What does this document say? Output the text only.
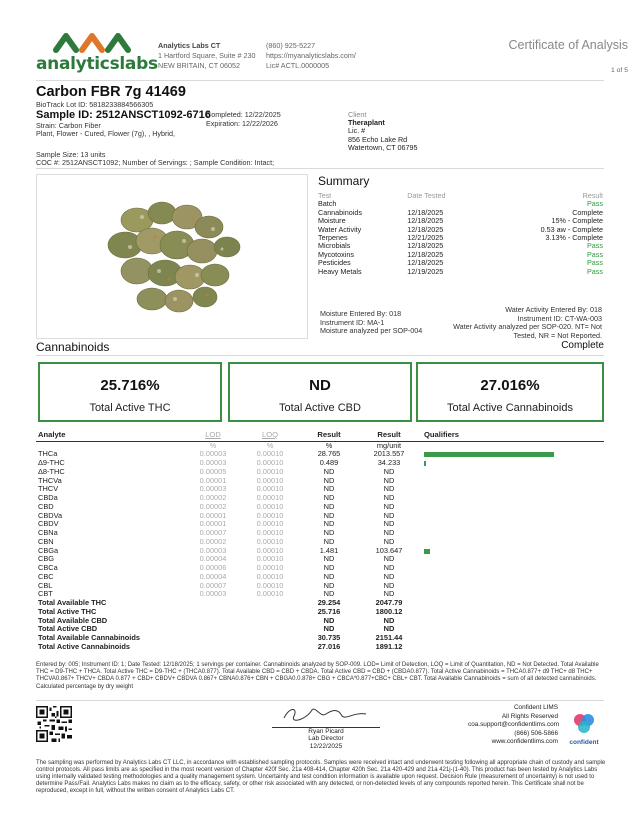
analyticslabs
Analytics Labs CT
1 Hartford Square, Suite # 230
NEW BRITAIN, CT 06052
(860) 925-5227
https://myanalyticslabs.com/
Lic# ACTL.0000005
Certificate of Analysis
1 of 5
Carbon FBR 7g 41469
BioTrack Lot ID: 5818233884566305
Sample ID: 2512ANSCT1092-6716
Strain: Carbon Fiber
Plant, Flower - Cured, Flower (7g), , Hybrid,
Completed: 12/22/2025
Expiration: 12/22/2026
Sample Size: 13 units
COC #: 2512ANSCT1092; Number of Servings: ; Sample Condition: Intact;
Client
Theraplant
Lic. #
856 Echo Lake Rd
Watertown, CT 06795
Summary
Test	Date Tested	Result
Batch		Pass
Cannabinoids	12/18/2025	Complete
Moisture	12/18/2025	15% - Complete
Water Activity	12/18/2025	0.53 aw - Complete
Terpenes	12/21/2025	3.13% - Complete
Microbials	12/18/2025	Pass
Mycotoxins	12/18/2025	Pass
Pesticides	12/18/2025	Pass
Heavy Metals	12/19/2025	Pass
Moisture Entered By: 018
Instrument ID: MA-1
Moisture analyzed per SOP-004
Water Activity Entered By: 018
Instrument ID: CT-WA-003
Water Activity analyzed per SOP-020. NT= Not
Tested, NR = Not Reported.
Cannabinoids	Complete
25.716%
Total Active THC
ND
Total Active CBD
27.016%
Total Active Cannabinoids
Analyte	LOD	LOQ	Result	Result	Qualifiers
	%	%	%	mg/unit	
THCa	0.00003	0.00010	28.765	2013.557	

Δ9-THC	0.00003	0.00010	0.489	34.233	

Δ8-THC	0.00005	0.00010	ND	ND	
THCVa	0.00001	0.00010	ND	ND	
THCV	0.00003	0.00010	ND	ND	
CBDa	0.00002	0.00010	ND	ND	
CBD	0.00002	0.00010	ND	ND	
CBDVa	0.00001	0.00010	ND	ND	
CBDV	0.00001	0.00010	ND	ND	
CBNa	0.00007	0.00010	ND	ND	
CBN	0.00002	0.00010	ND	ND	
CBGa	0.00003	0.00010	1.481	103.647	

CBG	0.00004	0.00010	ND	ND	
CBCa	0.00006	0.00010	ND	ND	
CBC	0.00004	0.00010	ND	ND	
CBL	0.00007	0.00010	ND	ND	
CBT	0.00003	0.00010	ND	ND	
Total Available THC			29.254	2047.79	
Total Active THC			25.716	1800.12	
Total Available CBD			ND	ND	
Total Active CBD			ND	ND	
Total Available Cannabinoids			30.735	2151.44	
Total Active Cannabinoids			27.016	1891.12	
Entered by: 005; Instrument ID: 1; Date Tested: 12/18/2025; 1 servings per container. Cannabinoids analyzed by SOP-009. LOD= Limit of Detection, LOQ = Limit of Quantitation, ND = Not Detected. Total Available THC = D9-THC + THCA. Total Active THC = D9-THC + (THCA0.877). Total Available CBD = CBD + CBDA. Total Active CBD = CBD + (CBDA0.877). Total Active Cannabinoids = THCA0.877+ d9 THC+ d8 THC+ THCVA0.867+ THCV+ CBDA 0.877 + CBD+ CBDV+ CBDVA 0.867+ CBNA0.876+ CBN + CBGA0.0.878+ CBG + CBCA*0.877+CBC+ CBL+ CBT. Total Available Cannabinoids = sum of all detected cannabinoids. Calculated percentage by dry weight
Ryan Picard
Lab Director
12/22/2025
Confident LIMS
All Rights Reserved
coa.support@confidentlims.com
(866) 506-5866
www.confidentlims.com	confident
The sampling was performed by Analytics Labs CT LLC, in accordance with established sampling protocols. Samples were received intact and underwent testing following all appropriate chain of custody and sample control protocols. All pass limits are as specified in the most recent version of Chapter 420f Sec. 21a 408-414, Chapter 420h Sec. 21a 420-429 and 21a 421j-(1-40). This product has been tested by Analytics Labs using internally validated testing methodologies and a quality management system. Uncertainty and test condition information is available upon request. Decision Rule (measurement of uncertainty) is not used to determine Pass/Fail. Analytics Labs makes no claim as to the efficacy, safety, or other risk associated with any detected, or non-detected levels of any compounds reported herein. This Certificate shall not be reproduced, except in full, without the written consent of Analytics Labs CT.
